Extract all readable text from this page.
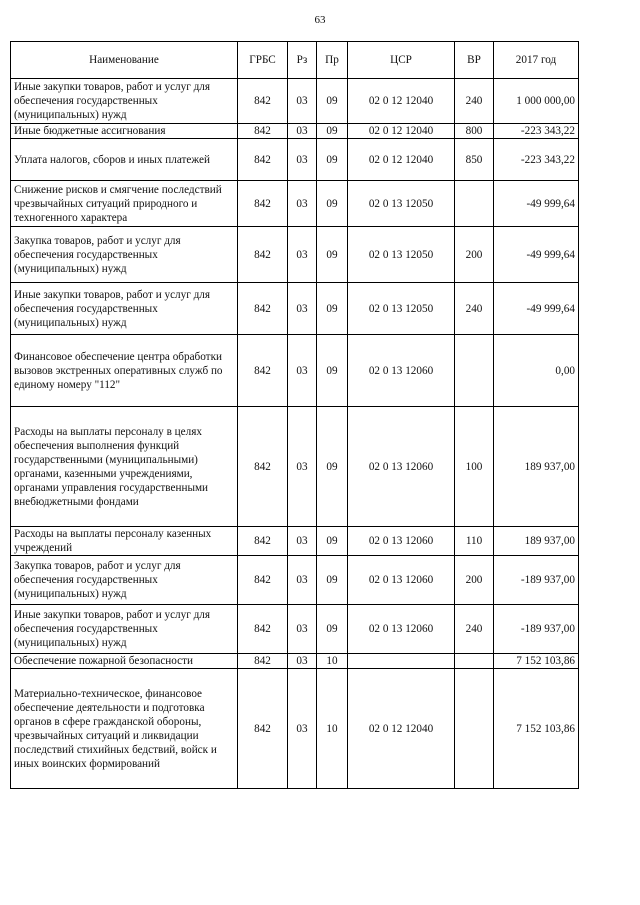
63
Наименование	ГРБС	Рз	Пр	ЦСР	ВР	2017 год
Иные закупки товаров, работ и услуг для обеспечения государственных (муниципальных) нужд	842	03	09	02 0 12 12040	240	1 000 000,00
Иные бюджетные ассигнования	842	03	09	02 0 12 12040	800	-223 343,22
Уплата налогов, сборов и иных платежей	842	03	09	02 0 12 12040	850	-223 343,22
Снижение рисков и смягчение последствий чрезвычайных ситуаций природного и техногенного характера	842	03	09	02 0 13 12050		-49 999,64
Закупка товаров, работ и услуг для обеспечения государственных (муниципальных) нужд	842	03	09	02 0 13 12050	200	-49 999,64
Иные закупки товаров, работ и услуг для обеспечения государственных (муниципальных) нужд	842	03	09	02 0 13 12050	240	-49 999,64
Финансовое обеспечение центра обработки вызовов экстренных оперативных служб по единому номеру "112"	842	03	09	02 0 13 12060		0,00
Расходы на выплаты персоналу в целях обеспечения выполнения функций государственными (муниципальными) органами, казенными учреждениями, органами управления государственными внебюджетными фондами	842	03	09	02 0 13 12060	100	189 937,00
Расходы на выплаты персоналу казенных учреждений	842	03	09	02 0 13 12060	110	189 937,00
Закупка товаров, работ и услуг для обеспечения государственных (муниципальных) нужд	842	03	09	02 0 13 12060	200	-189 937,00
Иные закупки товаров, работ и услуг для обеспечения государственных (муниципальных) нужд	842	03	09	02 0 13 12060	240	-189 937,00
Обеспечение пожарной безопасности	842	03	10			7 152 103,86
Материально-техническое, финансовое обеспечение деятельности и подготовка органов в сфере гражданской обороны, чрезвычайных ситуаций и ликвидации последствий стихийных бедствий, войск и иных воинских формирований	842	03	10	02 0 12 12040		7 152 103,86
